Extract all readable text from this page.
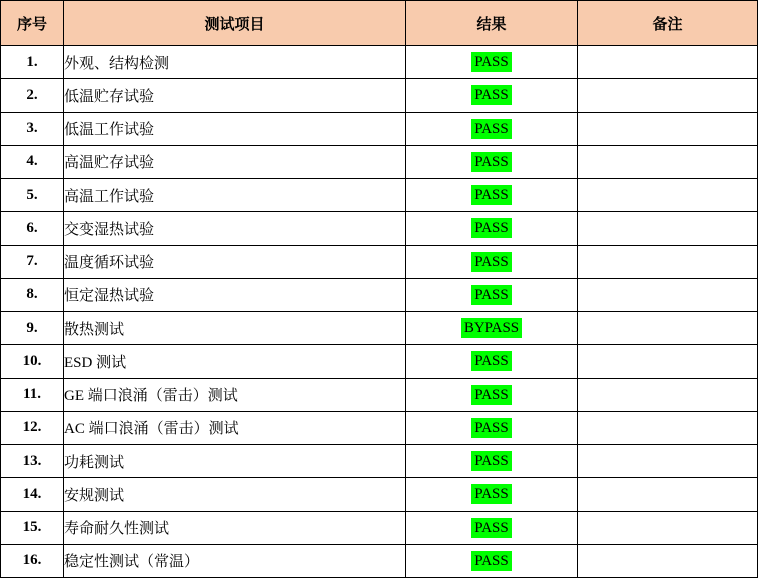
序号	测试项目	结果	备注
1.	外观、结构检测	PASS	
2.	低温贮存试验	PASS	
3.	低温工作试验	PASS	
4.	高温贮存试验	PASS	
5.	高温工作试验	PASS	
6.	交变湿热试验	PASS	
7.	温度循环试验	PASS	
8.	恒定湿热试验	PASS	
9.	散热测试	BYPASS	
10.	ESD 测试	PASS	
11.	GE 端口浪涌（雷击）测试	PASS	
12.	AC 端口浪涌（雷击）测试	PASS	
13.	功耗测试	PASS	
14.	安规测试	PASS	
15.	寿命耐久性测试	PASS	
16.	稳定性测试（常温）	PASS	
